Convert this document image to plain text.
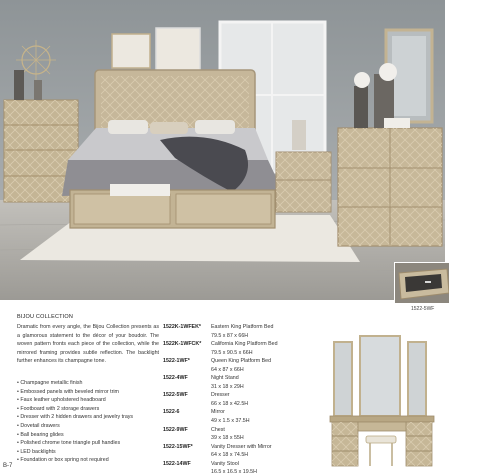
1522-5WF
BIJOU COLLECTION

Dramatic from every angle, the Bijou Collection presents as a glamorous statement to the décor of your boudoir. The woven pattern fronts each piece of the collection, while the mirrored framing provides subtle reflection. The backlight further enhances its champagne tone.

• Champagne metallic finish
• Embossed panels with beveled mirror trim
• Faux leather upholstered headboard
• Footboard with 2 storage drawers
• Dresser with 2 hidden drawers and jewelry trays
• Dovetail drawers
• Ball bearing glides
• Polished chrome tone triangle pull handles
• LED backlights
• Foundation or box spring not required
1522K-1WFEK*	Eastern King Platform Bed
79.5 x 87 x 66H
1522K-1WFCK*	California King Platform Bed
79.5 x 90.5 x 66H
1522-1WF*	Queen King Platform Bed
64 x 87 x 66H
1522-4WF	Night Stand
31 x 18 x 29H
1522-5WF	Dresser
66 x 18 x 42.5H
1522-6	Mirror
49 x 1.5 x 37.5H
1522-9WF	Chest
39 x 18 x 55H
1522-15WF*	Vanity Dresser with Mirror
64 x 18 x 74.5H
1522-14WF	Vanity Stool
16.5 x 16.5 x 19.5H
B-7
